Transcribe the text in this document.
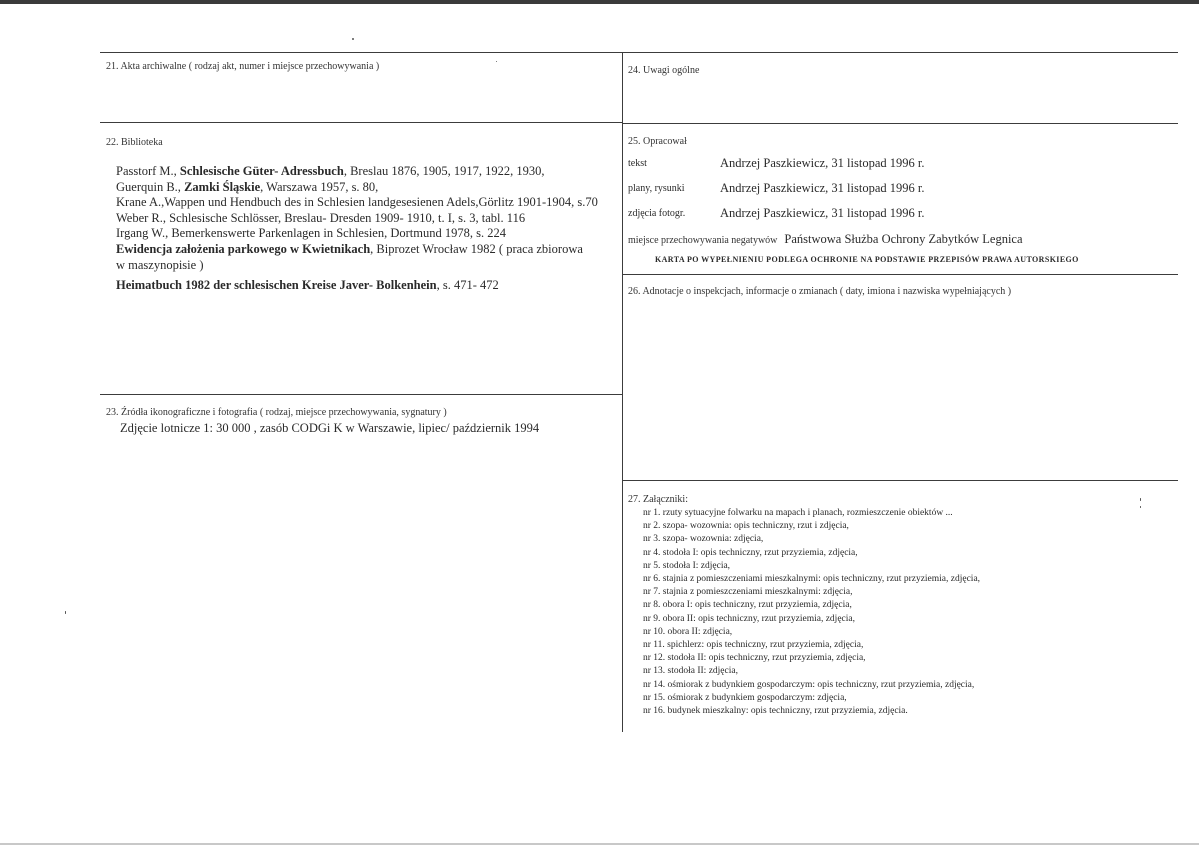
21. Akta archiwalne ( rodzaj akt, numer i miejsce przechowywania )
22. Biblioteka
Passtorf M., Schlesische Güter- Adressbuch, Breslau 1876, 1905, 1917, 1922, 1930,
Guerquin B., Zamki Śląskie, Warszawa 1957, s. 80,
Krane A.,Wappen und Hendbuch des in Schlesien landgesesienen Adels,Görlitz 1901-1904, s.70
Weber R., Schlesische Schlösser, Breslau- Dresden 1909- 1910, t. I, s. 3, tabl. 116
Irgang W., Bemerkenswerte Parkenlagen in Schlesien, Dortmund 1978, s. 224
Ewidencja założenia parkowego w Kwietnikach, Biprozet Wrocław 1982 ( praca zbiorowa
w maszynopisie )
Heimatbuch 1982 der schlesischen Kreise Javer- Bolkenhein, s. 471- 472
23. Źródła ikonograficzne i fotografia ( rodzaj, miejsce przechowywania, sygnatury )
Zdjęcie lotnicze 1: 30 000 , zasób CODGi K w Warszawie, lipiec/ październik 1994
24. Uwagi ogólne
25. Opracował
tekst	Andrzej Paszkiewicz, 31 listopad 1996 r.
plany, rysunki	Andrzej Paszkiewicz, 31 listopad 1996 r.
zdjęcia fotogr.	Andrzej Paszkiewicz, 31 listopad 1996 r.
miejsce przechowywania negatywów Państwowa Służba Ochrony Zabytków Legnica
KARTA PO WYPEŁNIENIU PODLEGA OCHRONIE NA PODSTAWIE PRZEPISÓW PRAWA AUTORSKIEGO
26. Adnotacje o inspekcjach, informacje o zmianach ( daty, imiona i nazwiska wypełniających )
27. Załączniki:
nr 1. rzuty sytuacyjne folwarku na mapach i planach, rozmieszczenie obiektów ...
nr 2. szopa- wozownia: opis techniczny, rzut i zdjęcia,
nr 3. szopa- wozownia: zdjęcia,
nr 4. stodoła I: opis techniczny, rzut przyziemia, zdjęcia,
nr 5. stodoła I: zdjęcia,
nr 6. stajnia z pomieszczeniami mieszkalnymi: opis techniczny, rzut przyziemia, zdjęcia,
nr 7. stajnia z pomieszczeniami mieszkalnymi: zdjęcia,
nr 8. obora I: opis techniczny, rzut przyziemia, zdjęcia,
nr 9. obora II: opis techniczny, rzut przyziemia, zdjęcia,
nr 10. obora II: zdjęcia,
nr 11. spichlerz: opis techniczny, rzut przyziemia, zdjęcia,
nr 12. stodoła II: opis techniczny, rzut przyziemia, zdjęcia,
nr 13. stodoła II: zdjęcia,
nr 14. ośmiorak z budynkiem gospodarczym: opis techniczny, rzut przyziemia, zdjęcia,
nr 15. ośmiorak z budynkiem gospodarczym: zdjęcia,
nr 16. budynek mieszkalny: opis techniczny, rzut przyziemia, zdjęcia.
